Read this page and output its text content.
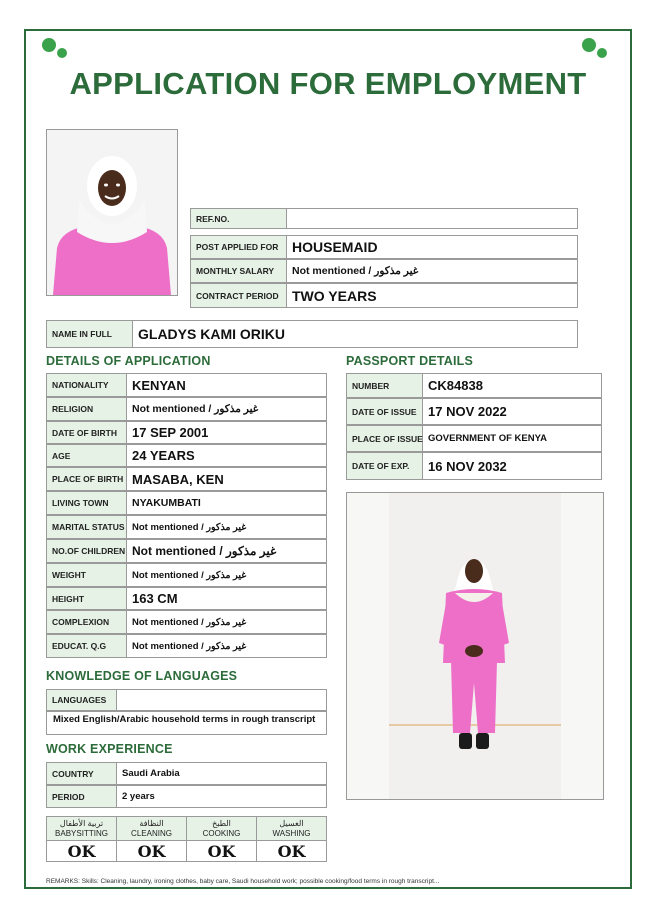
APPLICATION FOR EMPLOYMENT
REF.NO.
POST APPLIED FOR HOUSEMAID
MONTHLY SALARY	Not mentioned / غير مذكور
CONTRACT PERIOD TWO YEARS
NAME IN FULL	GLADYS KAMI ORIKU
DETAILS OF APPLICATION	PASSPORT DETAILS
NATIONALITY	KENYAN
RELIGION	Not mentioned / غير مذكور
DATE OF BIRTH	17 SEP 2001
AGE	24 YEARS
PLACE OF BIRTH MASABA, KEN
LIVING TOWN	NYAKUMBATI
MARITAL STATUS Not mentioned / غير مذكور
NO.OF CHILDREN Not mentioned / غير مذكور
WEIGHT	Not mentioned / غير مذكور
HEIGHT	163 CM
COMPLEXION	Not mentioned / غير مذكور
EDUCAT. Q.G	Not mentioned / غير مذكور
NUMBER	CK84838
DATE OF ISSUE 17 NOV 2022
PLACE OF ISSUE GOVERNMENT OF KENYA
DATE OF EXP.	16 NOV 2032
KNOWLEDGE OF LANGUAGES
LANGUAGES
Mixed English/Arabic household terms in rough transcript
WORK EXPERIENCE
COUNTRY	Saudi Arabia
PERIOD	2 years
تربية الأطفال
BABYSITTING
OK
النظافة
CLEANING
OK
الطبخ
COOKING
OK
الغسيل
WASHING
OK
REMARKS: Skills: Cleaning, laundry, ironing clothes, baby care, Saudi household work; possible cooking/food terms in rough transcript...
